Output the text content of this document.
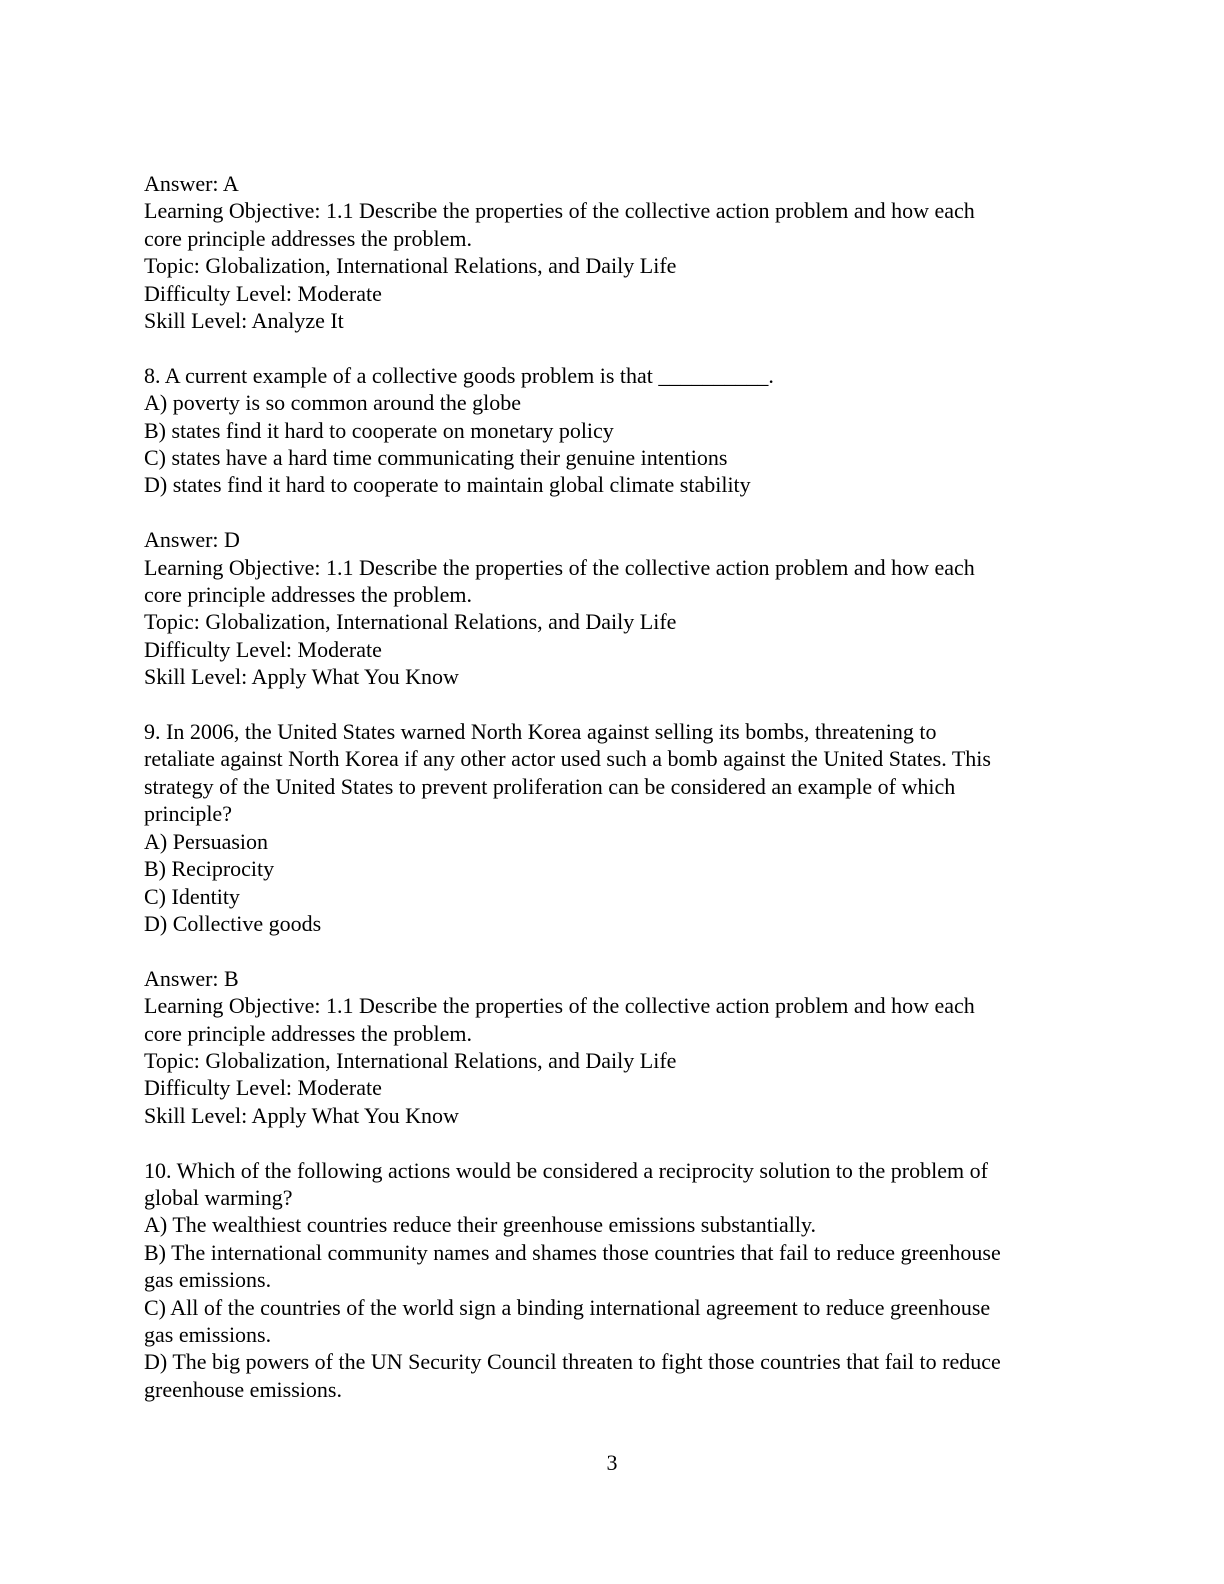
Answer: A
Learning Objective: 1.1 Describe the properties of the collective action problem and how each
core principle addresses the problem.
Topic: Globalization, International Relations, and Daily Life
Difficulty Level: Moderate
Skill Level: Analyze It
8. A current example of a collective goods problem is that __________.
A) poverty is so common around the globe
B) states find it hard to cooperate on monetary policy
C) states have a hard time communicating their genuine intentions
D) states find it hard to cooperate to maintain global climate stability
Answer: D
Learning Objective: 1.1 Describe the properties of the collective action problem and how each
core principle addresses the problem.
Topic: Globalization, International Relations, and Daily Life
Difficulty Level: Moderate
Skill Level: Apply What You Know
9. In 2006, the United States warned North Korea against selling its bombs, threatening to
retaliate against North Korea if any other actor used such a bomb against the United States. This
strategy of the United States to prevent proliferation can be considered an example of which
principle?
A) Persuasion
B) Reciprocity
C) Identity
D) Collective goods
Answer: B
Learning Objective: 1.1 Describe the properties of the collective action problem and how each
core principle addresses the problem.
Topic: Globalization, International Relations, and Daily Life
Difficulty Level: Moderate
Skill Level: Apply What You Know
10. Which of the following actions would be considered a reciprocity solution to the problem of
global warming?
A) The wealthiest countries reduce their greenhouse emissions substantially.
B) The international community names and shames those countries that fail to reduce greenhouse
gas emissions.
C) All of the countries of the world sign a binding international agreement to reduce greenhouse
gas emissions.
D) The big powers of the UN Security Council threaten to fight those countries that fail to reduce
greenhouse emissions.
3
